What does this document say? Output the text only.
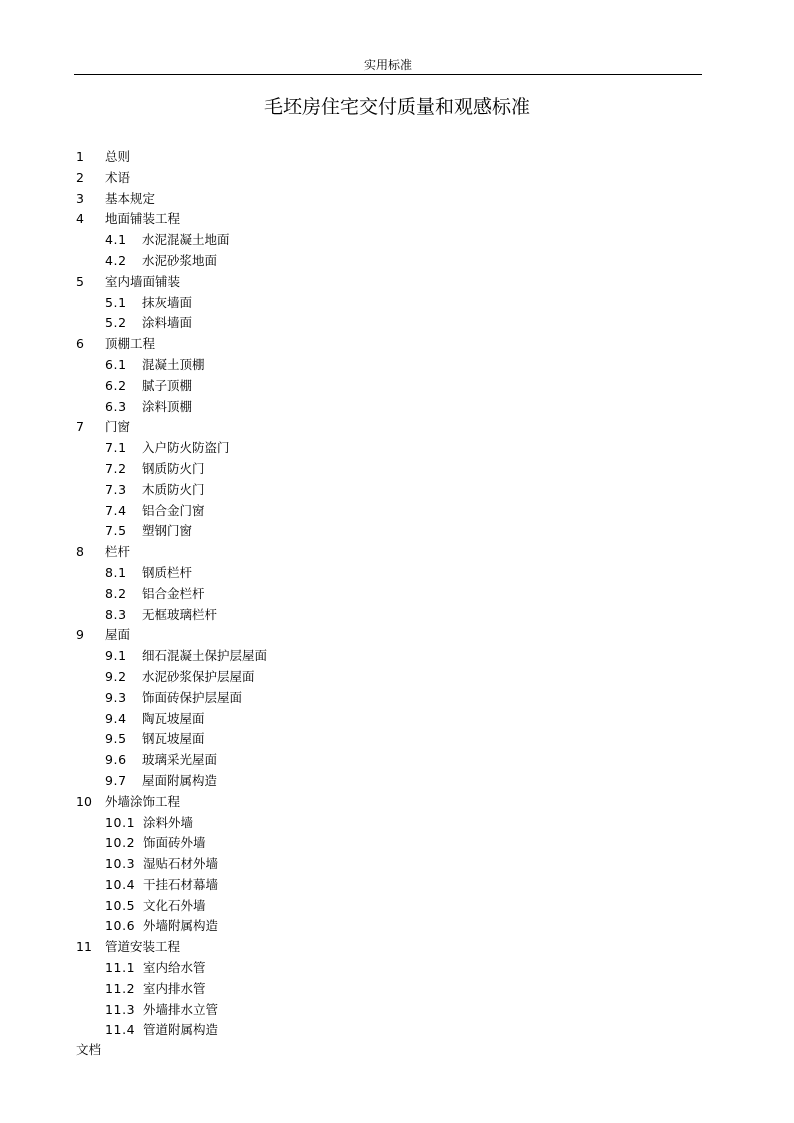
实用标准
毛坯房住宅交付质量和观感标准
1 总则
2 术语
3 基本规定
4 地面铺装工程
4.1 水泥混凝土地面
4.2 水泥砂浆地面
5 室内墙面铺装
5.1 抹灰墙面
5.2 涂料墙面
6 顶棚工程
6.1 混凝土顶棚
6.2 腻子顶棚
6.3 涂料顶棚
7 门窗
7.1 入户防火防盗门
7.2 钢质防火门
7.3 木质防火门
7.4 铝合金门窗
7.5 塑钢门窗
8 栏杆
8.1 钢质栏杆
8.2 铝合金栏杆
8.3 无框玻璃栏杆
9 屋面
9.1 细石混凝土保护层屋面
9.2 水泥砂浆保护层屋面
9.3 饰面砖保护层屋面
9.4 陶瓦坡屋面
9.5 钢瓦坡屋面
9.6 玻璃采光屋面
9.7 屋面附属构造
10 外墙涂饰工程
10.1 涂料外墙
10.2 饰面砖外墙
10.3 湿贴石材外墙
10.4 干挂石材幕墙
10.5 文化石外墙
10.6 外墙附属构造
11 管道安装工程
11.1 室内给水管
11.2 室内排水管
11.3 外墙排水立管
11.4 管道附属构造
文档
